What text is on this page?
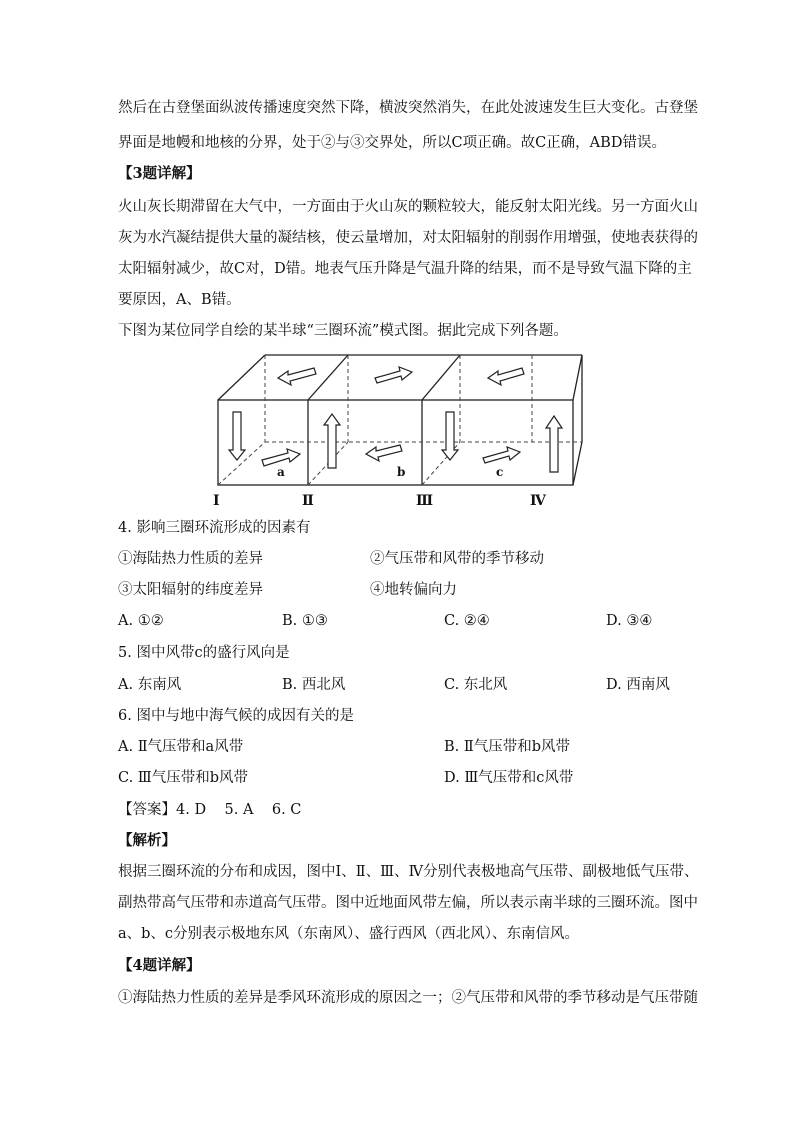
然后在古登堡面纵波传播速度突然下降，横波突然消失，在此处波速发生巨大变化。古登堡
界面是地幔和地核的分界，处于②与③交界处，所以C项正确。故C正确，ABD错误。
【3题详解】
火山灰长期滞留在大气中，一方面由于火山灰的颗粒较大，能反射太阳光线。另一方面火山
灰为水汽凝结提供大量的凝结核，使云量增加，对太阳辐射的削弱作用增强，使地表获得的
太阳辐射减少，故C对，D错。地表气压升降是气温升降的结果，而不是导致气温下降的主
要原因，A、B错。
下图为某位同学自绘的某半球“三圈环流”模式图。据此完成下列各题。
a	b	c
Ⅰ	Ⅱ	Ⅲ	Ⅳ
4. 影响三圈环流形成的因素有
①海陆热力性质的差异	②气压带和风带的季节移动
③太阳辐射的纬度差异	④地转偏向力
A. ①②	B. ①③	C. ②④	D. ③④
5. 图中风带c的盛行风向是
A. 东南风	B. 西北风	C. 东北风	D. 西南风
6. 图中与地中海气候的成因有关的是
A. Ⅱ气压带和a风带	B. Ⅱ气压带和b风带
C. Ⅲ气压带和b风带	D. Ⅲ气压带和c风带
【答案】4. D    5. A    6. C
【解析】
根据三圈环流的分布和成因，图中Ⅰ、Ⅱ、Ⅲ、Ⅳ分别代表极地高气压带、副极地低气压带、
副热带高气压带和赤道高气压带。图中近地面风带左偏，所以表示南半球的三圈环流。图中
a、b、c分别表示极地东风（东南风）、盛行西风（西北风）、东南信风。
【4题详解】
①海陆热力性质的差异是季风环流形成的原因之一；②气压带和风带的季节移动是气压带随
